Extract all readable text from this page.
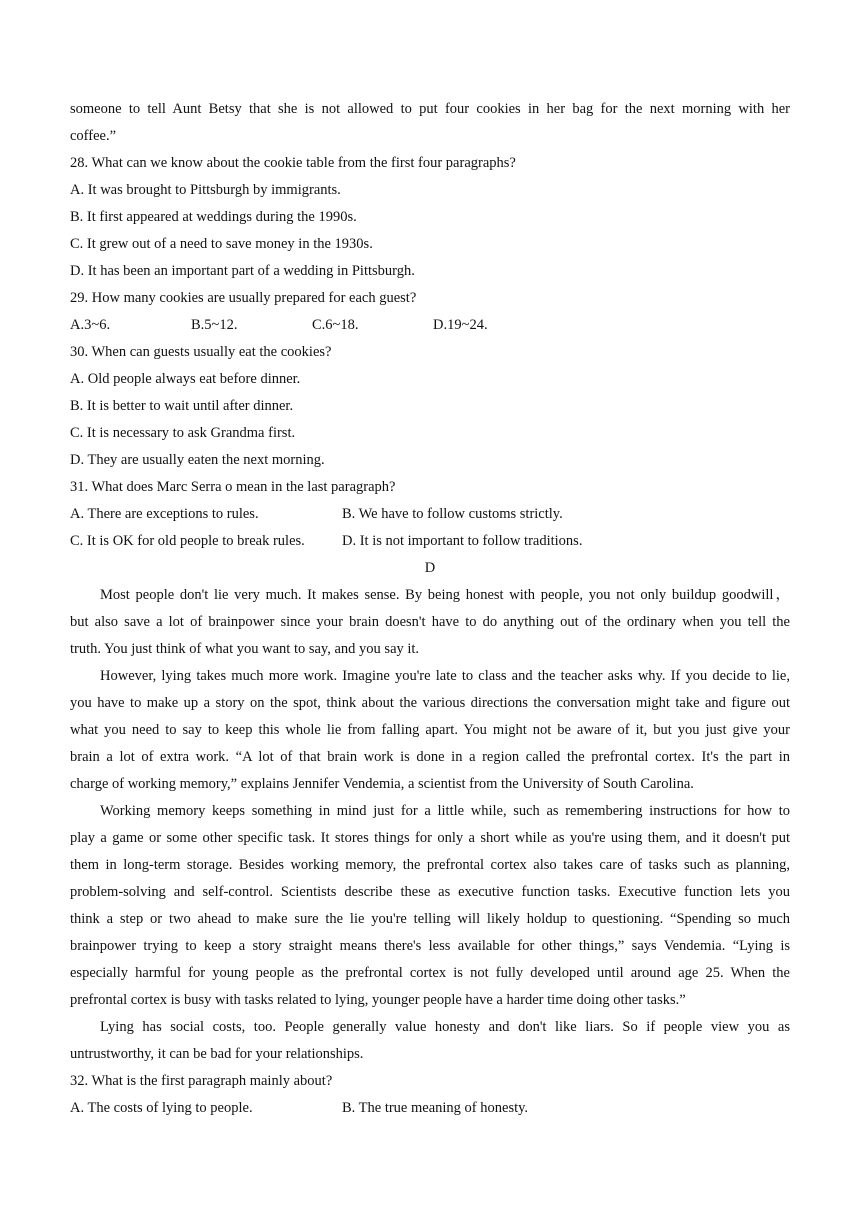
someone to tell Aunt Betsy that she is not allowed to put four cookies in her bag for the next morning with her
coffee.”
28. What can we know about the cookie table from the first four paragraphs?
A. It was brought to Pittsburgh by immigrants.
B. It first appeared at weddings during the 1990s.
C. It grew out of a need to save money in the 1930s.
D. It has been an important part of a wedding in Pittsburgh.
29. How many cookies are usually prepared for each guest?
A.3~6.	B.5~12.	C.6~18.	D.19~24.
30. When can guests usually eat the cookies?
A. Old people always eat before dinner.
B. It is better to wait until after dinner.
C. It is necessary to ask Grandma first.
D. They are usually eaten the next morning.
31. What does Marc Serra o mean in the last paragraph?
A. There are exceptions to rules.	B. We have to follow customs strictly.
C. It is OK for old people to break rules.	D. It is not important to follow traditions.
D
Most people don't lie very much. It makes sense. By being honest with people, you not only buildup goodwill，
but also save a lot of brainpower since your brain doesn't have to do anything out of the ordinary when you tell the
truth. You just think of what you want to say, and you say it.
However, lying takes much more work. Imagine you're late to class and the teacher asks why. If you decide to lie,
you have to make up a story on the spot, think about the various directions the conversation might take and figure out
what you need to say to keep this whole lie from falling apart. You might not be aware of it, but you just give your
brain a lot of extra work. “A lot of that brain work is done in a region called the prefrontal cortex. It's the part in
charge of working memory,” explains Jennifer Vendemia, a scientist from the University of South Carolina.
Working memory keeps something in mind just for a little while, such as remembering instructions for how to
play a game or some other specific task. It stores things for only a short while as you're using them, and it doesn't put
them in long-term storage. Besides working memory, the prefrontal cortex also takes care of tasks such as planning,
problem-solving and self-control. Scientists describe these as executive function tasks. Executive function lets you
think a step or two ahead to make sure the lie you're telling will likely holdup to questioning. “Spending so much
brainpower trying to keep a story straight means there's less available for other things,” says Vendemia. “Lying is
especially harmful for young people as the prefrontal cortex is not fully developed until around age 25. When the
prefrontal cortex is busy with tasks related to lying, younger people have a harder time doing other tasks.”
Lying has social costs, too. People generally value honesty and don't like liars. So if people view you as
untrustworthy, it can be bad for your relationships.
32. What is the first paragraph mainly about?
A. The costs of lying to people.	B. The true meaning of honesty.
